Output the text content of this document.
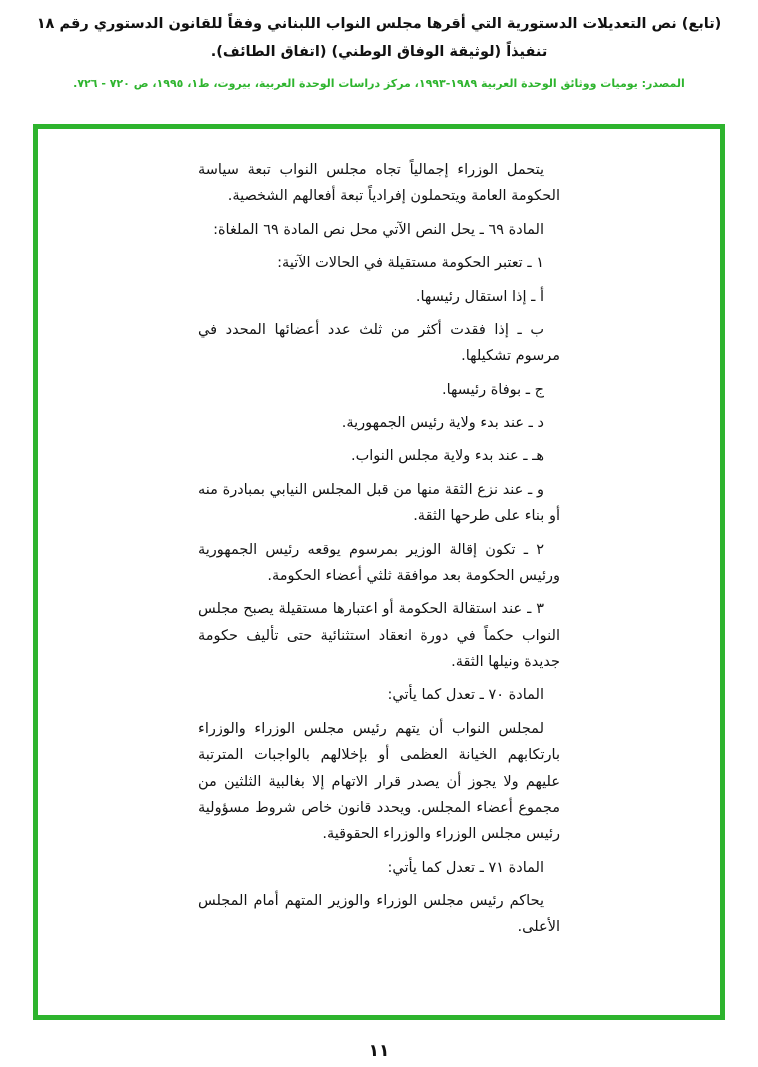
(تابع) نص التعديلات الدستورية التي أقرها مجلس النواب اللبناني وفقاً للقانون الدستوري رقم ١٨ تنفيذاً (لوثيقة الوفاق الوطني) (اتفاق الطائف).
المصدر: يوميات ووثائق الوحدة العربية ١٩٨٩-١٩٩٣، مركز دراسات الوحدة العربية، بيروت، ط١، ١٩٩٥، ص ٧٢٠ - ٧٢٦.

يتحمل الوزراء إجمالياً تجاه مجلس النواب تبعة سياسة الحكومة العامة ويتحملون إفرادياً تبعة أفعالهم الشخصية.

المادة ٦٩ ـ يحل النص الآتي محل نص المادة ٦٩ الملغاة:

١ ـ تعتبر الحكومة مستقيلة في الحالات الآتية:

أ ـ إذا استقال رئيسها.

ب ـ إذا فقدت أكثر من ثلث عدد أعضائها المحدد في مرسوم تشكيلها.

ج ـ بوفاة رئيسها.

د ـ عند بدء ولاية رئيس الجمهورية.

هـ ـ عند بدء ولاية مجلس النواب.

و ـ عند نزع الثقة منها من قبل المجلس النيابي بمبادرة منه أو بناء على طرحها الثقة.

٢ ـ تكون إقالة الوزير بمرسوم يوقعه رئيس الجمهورية ورئيس الحكومة بعد موافقة ثلثي أعضاء الحكومة.

٣ ـ عند استقالة الحكومة أو اعتبارها مستقيلة يصبح مجلس النواب حكماً في دورة انعقاد استثنائية حتى تأليف حكومة جديدة ونيلها الثقة.

المادة ٧٠ ـ تعدل كما يأتي:

لمجلس النواب أن يتهم رئيس مجلس الوزراء والوزراء بارتكابهم الخيانة العظمى أو بإخلالهم بالواجبات المترتبة عليهم ولا يجوز أن يصدر قرار الاتهام إلا بغالبية الثلثين من مجموع أعضاء المجلس. ويحدد قانون خاص شروط مسؤولية رئيس مجلس الوزراء والوزراء الحقوقية.

المادة ٧١ ـ تعدل كما يأتي:

يحاكم رئيس مجلس الوزراء والوزير المتهم أمام المجلس الأعلى.

١١
